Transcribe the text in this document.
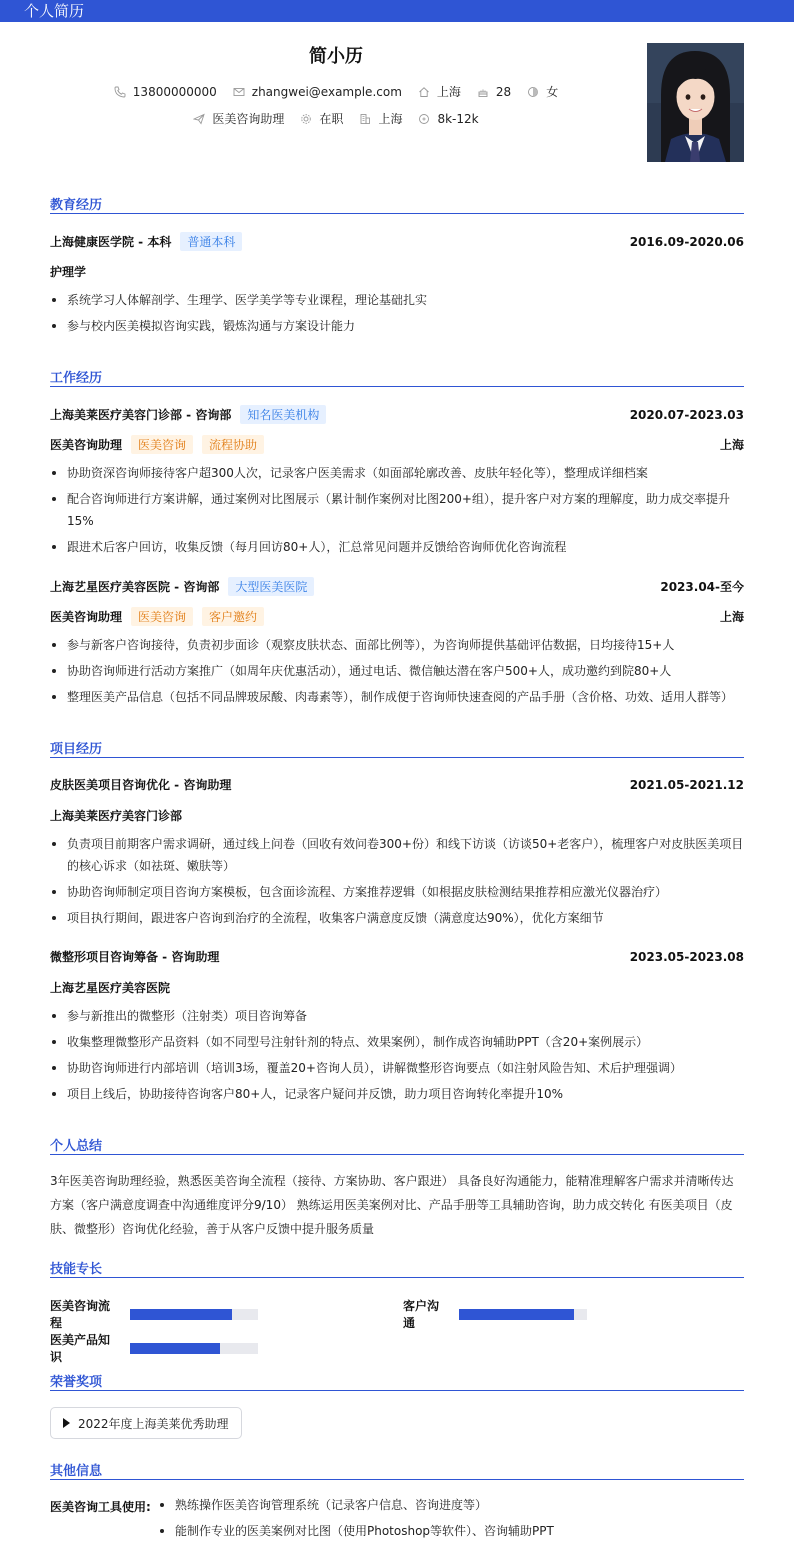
个人简历
简小历
13800000000	zhangwei@example.com	上海	28	女
医美咨询助理	在职	上海	8k-12k
教育经历
上海健康医学院 - 本科	普通本科	2016.09-2020.06
护理学
系统学习人体解剖学、生理学、医学美学等专业课程，理论基础扎实
参与校内医美模拟咨询实践，锻炼沟通与方案设计能力
工作经历
上海美莱医疗美容门诊部 - 咨询部	知名医美机构	2020.07-2023.03
医美咨询助理	医美咨询	流程协助	上海
协助资深咨询师接待客户超300人次，记录客户医美需求（如面部轮廓改善、皮肤年轻化等），整理成详细档案
配合咨询师进行方案讲解，通过案例对比图展示（累计制作案例对比图200+组），提升客户对方案的理解度，助力成交率提升15%
跟进术后客户回访，收集反馈（每月回访80+人），汇总常见问题并反馈给咨询师优化咨询流程
上海艺星医疗美容医院 - 咨询部	大型医美医院	2023.04-至今
医美咨询助理	医美咨询	客户邀约	上海
参与新客户咨询接待，负责初步面诊（观察皮肤状态、面部比例等），为咨询师提供基础评估数据，日均接待15+人
协助咨询师进行活动方案推广（如周年庆优惠活动），通过电话、微信触达潜在客户500+人，成功邀约到院80+人
整理医美产品信息（包括不同品牌玻尿酸、肉毒素等），制作成便于咨询师快速查阅的产品手册（含价格、功效、适用人群等）
项目经历
皮肤医美项目咨询优化 - 咨询助理	2021.05-2021.12
上海美莱医疗美容门诊部
负责项目前期客户需求调研，通过线上问卷（回收有效问卷300+份）和线下访谈（访谈50+老客户），梳理客户对皮肤医美项目的核心诉求（如祛斑、嫩肤等）
协助咨询师制定项目咨询方案模板，包含面诊流程、方案推荐逻辑（如根据皮肤检测结果推荐相应激光仪器治疗）
项目执行期间，跟进客户咨询到治疗的全流程，收集客户满意度反馈（满意度达90%），优化方案细节
微整形项目咨询筹备 - 咨询助理	2023.05-2023.08
上海艺星医疗美容医院
参与新推出的微整形（注射类）项目咨询筹备
收集整理微整形产品资料（如不同型号注射针剂的特点、效果案例），制作成咨询辅助PPT（含20+案例展示）
协助咨询师进行内部培训（培训3场，覆盖20+咨询人员），讲解微整形咨询要点（如注射风险告知、术后护理强调）
项目上线后，协助接待咨询客户80+人，记录客户疑问并反馈，助力项目咨询转化率提升10%
个人总结
3年医美咨询助理经验，熟悉医美咨询全流程（接待、方案协助、客户跟进） 具备良好沟通能力，能精准理解客户需求并清晰传达方案（客户满意度调查中沟通维度评分9/10） 熟练运用医美案例对比、产品手册等工具辅助咨询，助力成交转化 有医美项目（皮肤、微整形）咨询优化经验，善于从客户反馈中提升服务质量
技能专长
医美咨询流程
客户沟通
医美产品知识
荣誉奖项
2022年度上海美莱优秀助理
其他信息
医美咨询工具使用:	熟练操作医美咨询管理系统（记录客户信息、咨询进度等）
能制作专业的医美案例对比图（使用Photoshop等软件）、咨询辅助PPT
